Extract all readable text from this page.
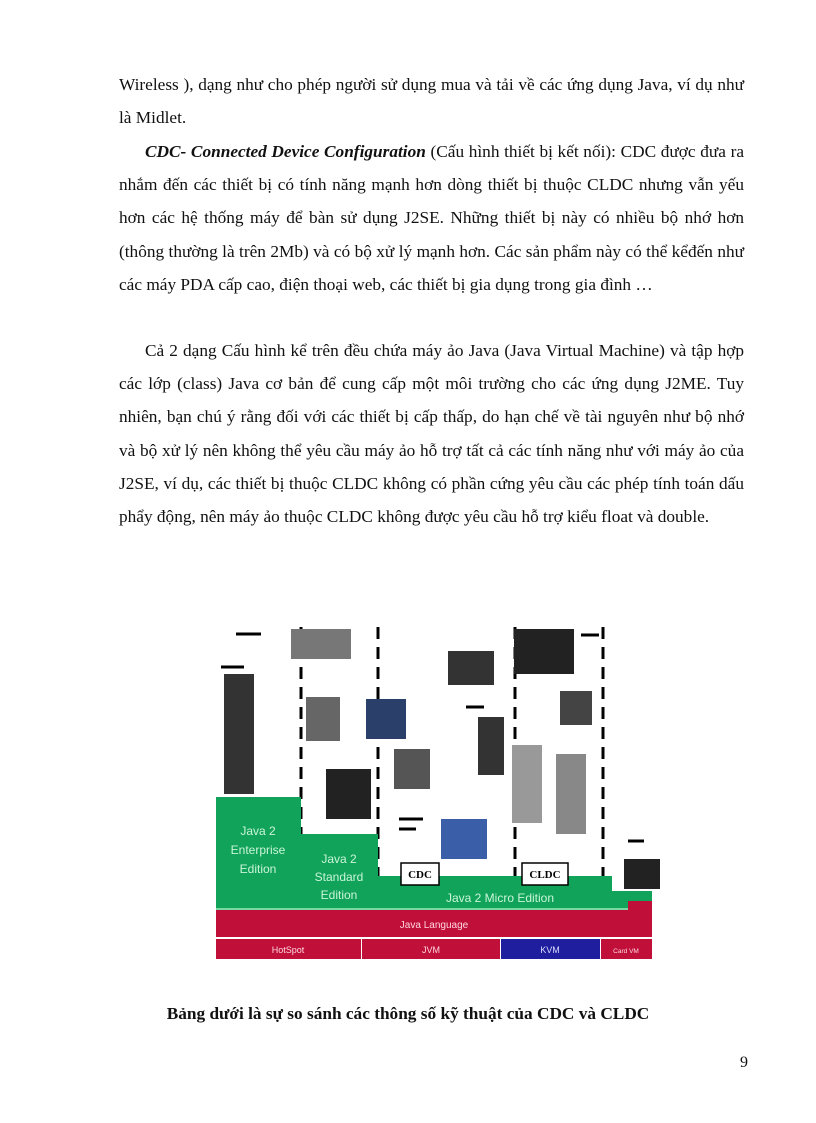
Wireless ), dạng như cho phép người sử dụng mua và tải về các ứng dụng Java, ví dụ như là Midlet.

CDC- Connected Device Configuration (Cấu hình thiết bị kết nối): CDC được đưa ra nhắm đến các thiết bị có tính năng mạnh hơn dòng thiết bị thuộc CLDC nhưng vẫn yếu hơn các hệ thống máy để bàn sử dụng J2SE. Những thiết bị này có nhiều bộ nhớ hơn (thông thường là trên 2Mb) và có bộ xử lý mạnh hơn. Các sản phẩm này có thể kểđến như các máy PDA cấp cao, điện thoại web, các thiết bị gia dụng trong gia đình …

Cả 2 dạng Cấu hình kể trên đều chứa máy ảo Java (Java Virtual Machine) và tập hợp các lớp (class) Java cơ bản để cung cấp một môi trường cho các ứng dụng J2ME. Tuy nhiên, bạn chú ý rằng đối với các thiết bị cấp thấp, do hạn chế về tài nguyên như bộ nhớ và bộ xử lý nên không thể yêu cầu máy ảo hỗ trợ tất cả các tính năng như với máy ảo của J2SE, ví dụ, các thiết bị thuộc CLDC không có phần cứng yêu cầu các phép tính toán dấu phẩy động, nên máy ảo thuộc CLDC không được yêu cầu hỗ trợ kiểu float và double.

Java 2
Enterprise
Edition
Java 2
Standard
Edition
CDC	CLDC
Java 2 Micro Edition
Java Language
HotSpot	JVM	KVM	Card VM
Bảng dưới là sự so sánh các thông số kỹ thuật của CDC và CLDC
9
